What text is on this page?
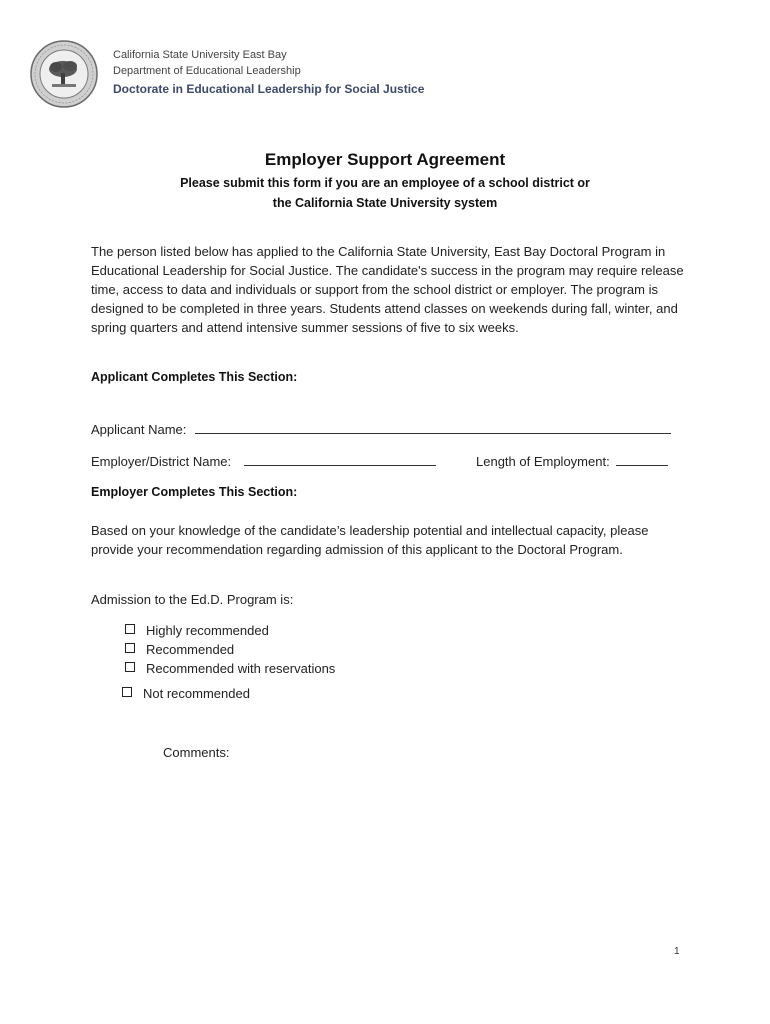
California State University East Bay
Department of Educational Leadership
Doctorate in Educational Leadership for Social Justice
Employer Support Agreement
Please submit this form if you are an employee of a school district or
the California State University system
The person listed below has applied to the California State University, East Bay Doctoral Program in Educational Leadership for Social Justice. The candidate's success in the program may require release time, access to data and individuals or support from the school district or employer. The program is designed to be completed in three years. Students attend classes on weekends during fall, winter, and spring quarters and attend intensive summer sessions of five to six weeks.
Applicant Completes This Section:
Applicant Name:
Employer/District Name:	Length of Employment:
Employer Completes This Section:
Based on your knowledge of the candidate’s leadership potential and intellectual capacity, please provide your recommendation regarding admission of this applicant to the Doctoral Program.
Admission to the Ed.D. Program is:
Highly recommended
Recommended
Recommended with reservations
Not recommended
Comments:
1
